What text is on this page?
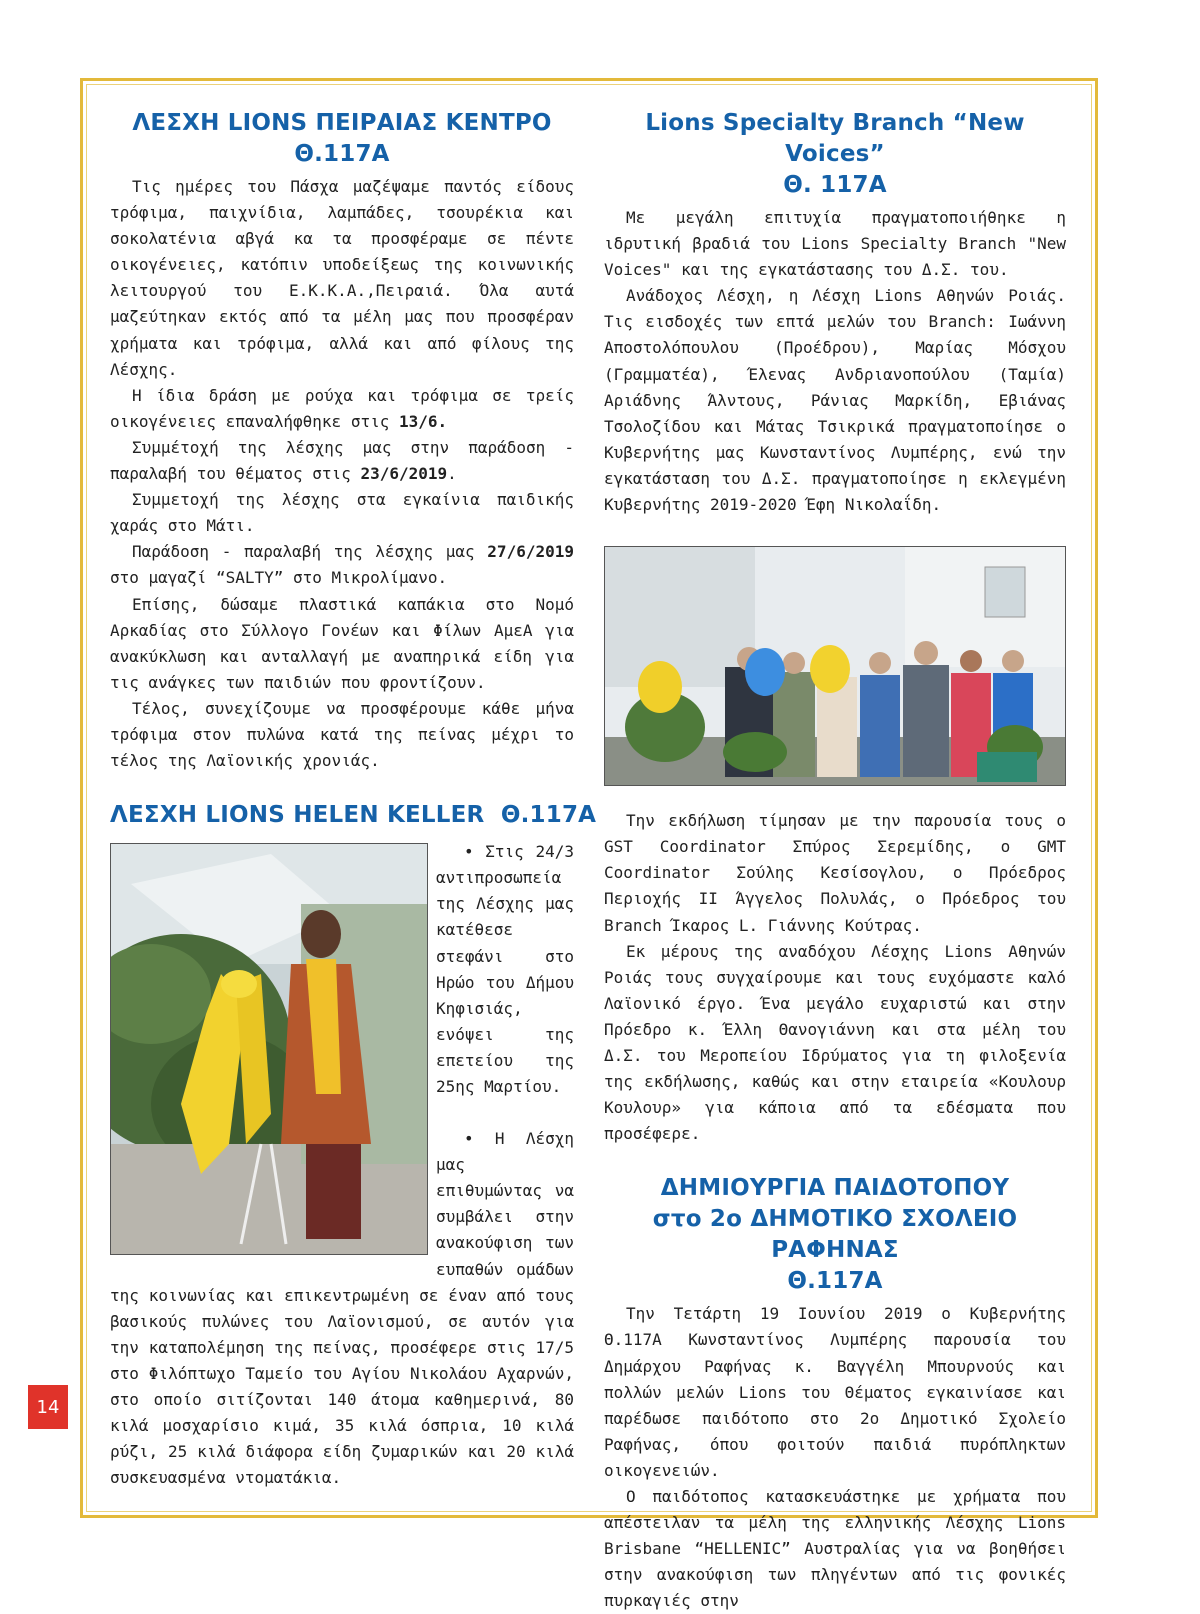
ΛΕΣΧΗ LIONS ΠΕΙΡΑΙΑΣ ΚΕΝΤΡΟ
Θ.117Α

Τις ημέρες του Πάσχα μαζέψαμε παντός είδους τρόφιμα, παιχνίδια, λαμπάδες, τσουρέκια και σοκολατένια αβγά κα τα προσφέραμε σε πέντε οικογένειες, κατόπιν υποδείξεως της κοινωνικής λειτουργού του Ε.Κ.Κ.Α.,Πειραιά. Όλα αυτά μαζεύτηκαν εκτός από τα μέλη μας που προσφέραν χρήματα και τρόφιμα, αλλά και από φίλους της Λέσχης.

Η ίδια δράση με ρούχα και τρόφιμα σε τρείς οικογένειες επαναλήφθηκε στις 13/6.

Συμμέτοχή της λέσχης μας στην παράδοση - παραλαβή του θέματος στις 23/6/2019.

Συμμετοχή της λέσχης στα εγκαίνια παιδικής χαράς στο Μάτι.

Παράδοση - παραλαβή της λέσχης μας 27/6/2019 στο μαγαζί “SALTY” στο Μικρολίμανο.

Επίσης, δώσαμε πλαστικά καπάκια στο Νομό Αρκαδίας στο Σύλλογο Γονέων και Φίλων ΑμεΑ για ανακύκλωση και ανταλλαγή με αναπηρικά είδη για τις ανάγκες των παιδιών που φροντίζουν.

Τέλος, συνεχίζουμε να προσφέρουμε κάθε μήνα τρόφιμα στον πυλώνα κατά της πείνας μέχρι το τέλος της Λαϊονικής χρονιάς.

ΛΕΣΧΗ LIONS HELEN KELLER  Θ.117Α

• Στις 24/3 αντιπροσωπεία της Λέσχης μας κατέθεσε στεφάνι στο Ηρώο του Δήμου Κηφισιάς, ενόψει της επετείου της 25ης Μαρτίου.

• Η Λέσχη μας επιθυμώντας να συμβάλει στην ανακούφιση των ευπαθών ομάδων της κοινωνίας και επικεντρωμένη σε έναν από τους βασικούς πυλώνες του Λαϊονισμού, σε αυτόν για την καταπολέμηση της πείνας, προσέφερε στις 17/5 στο Φιλόπτωχο Ταμείο του Αγίου Νικολάου Αχαρνών, στο οποίο σιτίζονται 140 άτομα καθημερινά, 80 κιλά μοσχαρίσιο κιμά, 35 κιλά όσπρια, 10 κιλά ρύζι, 25 κιλά διάφορα είδη ζυμαρικών και 20 κιλά συσκευασμένα ντοματάκια.

Lions Specialty Branch “New Voices”
Θ. 117Α

Με μεγάλη επιτυχία πραγματοποιήθηκε η ιδρυτική βραδιά του Lions Specialty Branch "New Voices" και της εγκατάστασης του Δ.Σ. του.

Ανάδοχος Λέσχη, η Λέσχη Lions Αθηνών Ροιάς. Τις εισδοχές των επτά μελών του Branch: Ιωάννη Αποστολόπουλου (Προέδρου), Μαρίας Μόσχου (Γραμματέα), Έλενας Ανδριανοπούλου (Ταμία) Αριάδνης Άλντους, Ράνιας Μαρκίδη, Εβιάνας Τσολοζίδου και Μάτας Τσικρικά πραγματοποίησε ο Κυβερνήτης μας Κωνσταντίνος Λυμπέρης, ενώ την εγκατάσταση του Δ.Σ. πραγματοποίησε η εκλεγμένη Κυβερνήτης 2019-2020 Έφη Νικολαΐδη.

Την εκδήλωση τίμησαν με την παρουσία τους ο GST Coordinator Σπύρος Σερεμίδης, ο GMT Coordinator Σούλης Κεσίσογλου, ο Πρόεδρος Περιοχής ΙΙ Άγγελος Πολυλάς, ο Πρόεδρος του Branch Ίκαρος L. Γιάννης Κούτρας.

Εκ μέρους της αναδόχου Λέσχης Lions Αθηνών Ροιάς τους συγχαίρουμε και τους ευχόμαστε καλό Λαϊονικό έργο. Ένα μεγάλο ευχαριστώ και στην Πρόεδρο κ. Έλλη Θανογιάννη και στα μέλη του Δ.Σ. του Μεροπείου Ιδρύματος για τη φιλοξενία της εκδήλωσης, καθώς και στην εταιρεία «Κουλουρ Κουλουρ» για κάποια από τα εδέσματα που προσέφερε.

ΔΗΜΙΟΥΡΓΙΑ ΠΑΙΔΟΤΟΠΟΥ
στο 2ο ΔΗΜΟΤΙΚΟ ΣΧΟΛΕΙΟ ΡΑΦΗΝΑΣ
Θ.117Α

Την Τετάρτη 19 Ιουνίου 2019 ο Κυβερνήτης Θ.117Α Κωνσταντίνος Λυμπέρης παρουσία του Δημάρχου Ραφήνας κ. Βαγγέλη Μπουρνούς και πολλών μελών Lions του Θέματος εγκαινίασε και παρέδωσε παιδότοπο στο 2ο Δημοτικό Σχολείο Ραφήνας, όπου φοιτούν παιδιά πυρόπληκτων οικογενειών.

Ο παιδότοπος κατασκευάστηκε με χρήματα που απέστειλαν τα μέλη της ελληνικής Λέσχης Lions Brisbane “HELLENIC” Αυστραλίας για να βοηθήσει στην ανακούφιση των πληγέντων από τις φονικές πυρκαγιές στην

14
